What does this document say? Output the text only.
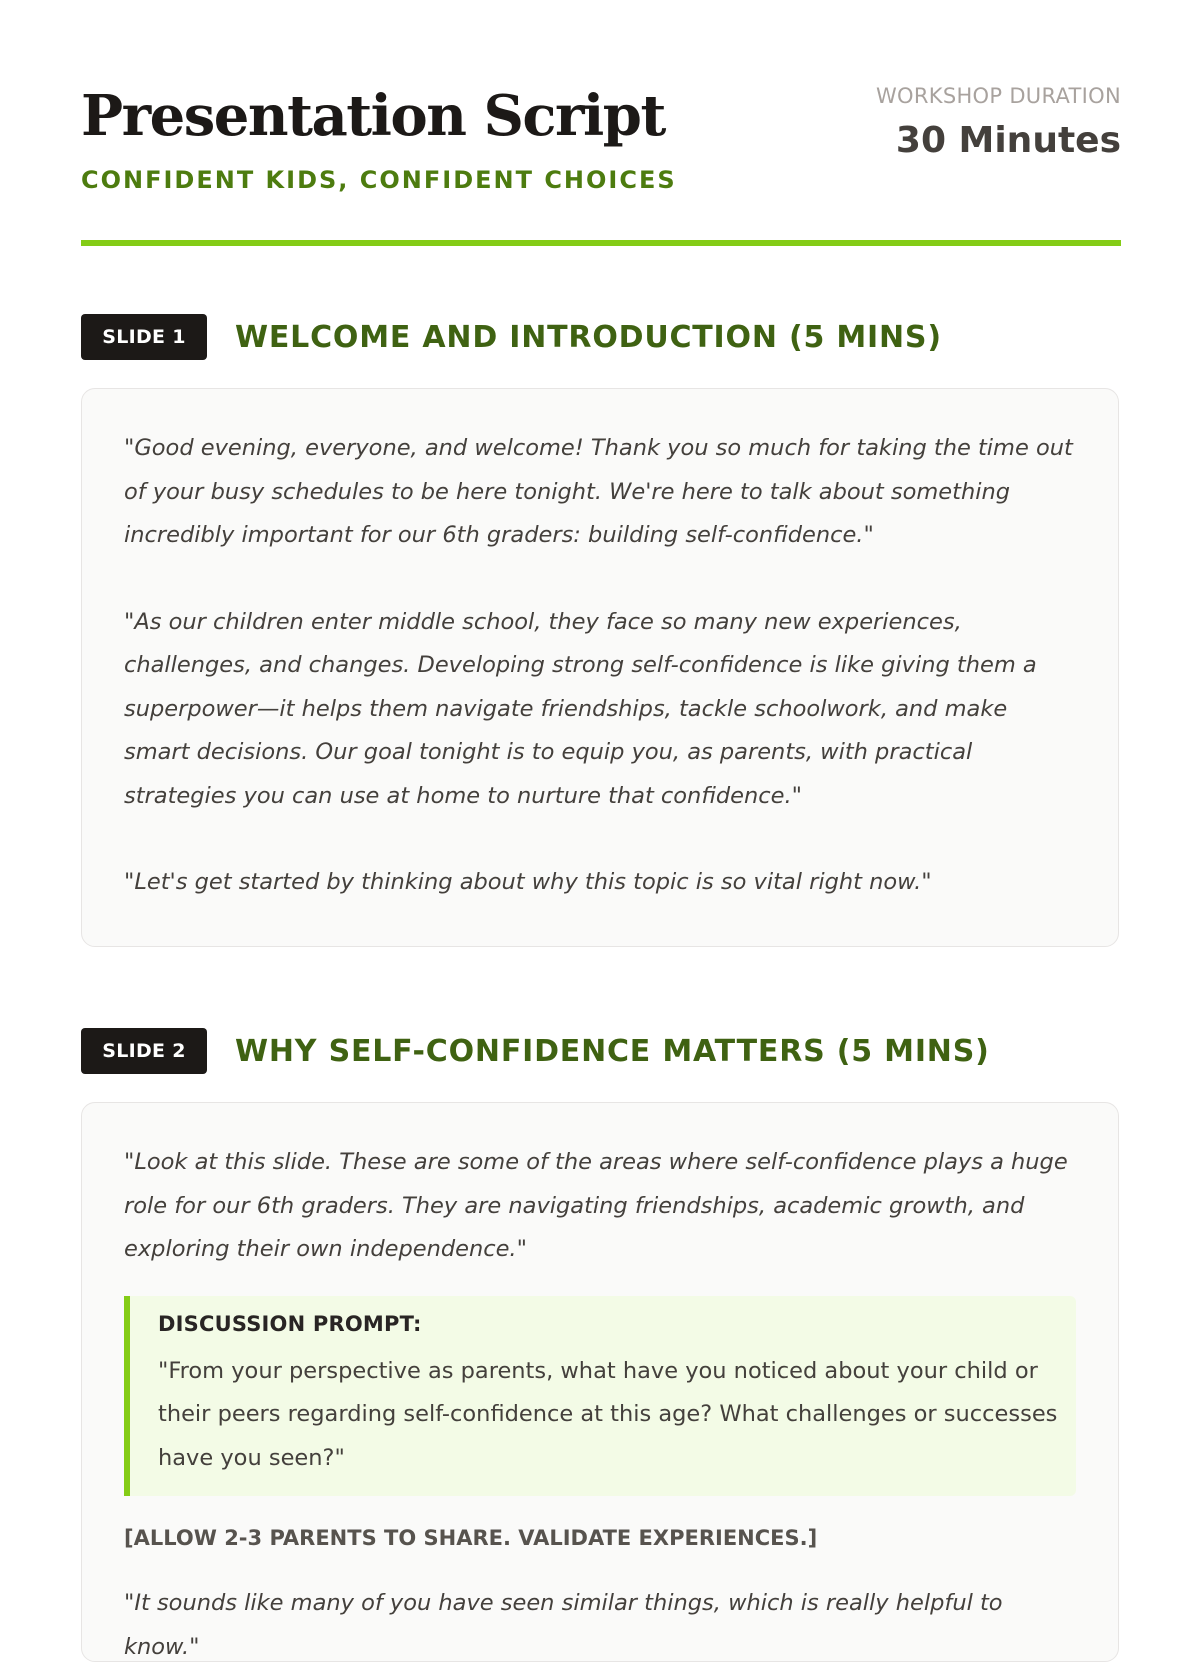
Presentation Script
CONFIDENT KIDS, CONFIDENT CHOICES
WORKSHOP DURATION
30 Minutes
SLIDE 1	WELCOME AND INTRODUCTION (5 MINS)

"Good evening, everyone, and welcome! Thank you so much for taking the time out of your busy schedules to be here tonight. We're here to talk about something incredibly important for our 6th graders: building self-confidence."

"As our children enter middle school, they face so many new experiences, challenges, and changes. Developing strong self-confidence is like giving them a superpower—it helps them navigate friendships, tackle schoolwork, and make smart decisions. Our goal tonight is to equip you, as parents, with practical strategies you can use at home to nurture that confidence."

"Let's get started by thinking about why this topic is so vital right now."

SLIDE 2	WHY SELF-CONFIDENCE MATTERS (5 MINS)

"Look at this slide. These are some of the areas where self-confidence plays a huge role for our 6th graders. They are navigating friendships, academic growth, and exploring their own independence."

DISCUSSION PROMPT:
"From your perspective as parents, what have you noticed about your child or their peers regarding self-confidence at this age? What challenges or successes have you seen?"
[ALLOW 2-3 PARENTS TO SHARE. VALIDATE EXPERIENCES.]
"It sounds like many of you have seen similar things, which is really helpful to know."
